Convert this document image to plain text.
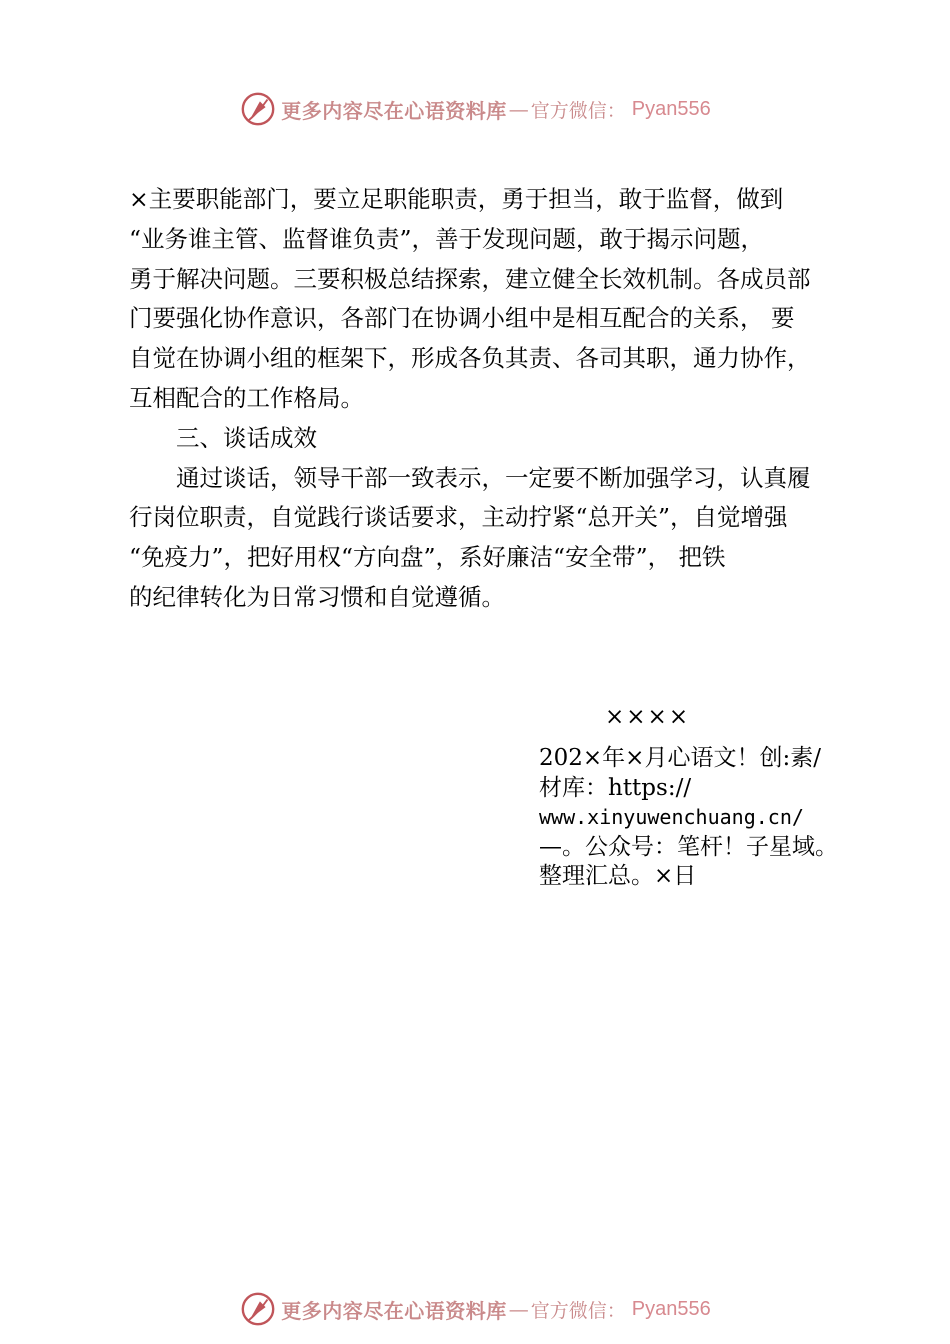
更多内容尽在心语资料库 — 官方微信： Pyan556
×主要职能部门，要立足职能职责，勇于担当，敢于监督，做到
“业务谁主管、监督谁负责”，善于发现问题，敢于揭示问题，
勇于解决问题。三要积极总结探索，建立健全长效机制。各成员部
门要强化协作意识，各部门在协调小组中是相互配合的关系， 要
自觉在协调小组的框架下，形成各负其责、各司其职，通力协作，
互相配合的工作格局。
　　三、谈话成效
　　通过谈话，领导干部一致表示，一定要不断加强学习，认真履
行岗位职责，自觉践行谈话要求，主动拧紧“总开关”，自觉增强
“免疫力”，把好用权“方向盘”，系好廉洁“安全带”， 把铁
的纪律转化为日常习惯和自觉遵循。
××××
202×年×月心语文！创:素/
材库：https://
www.xinyuwenchuang.cn/
—。公众号：笔杆！子星域。
整理汇总。×日
更多内容尽在心语资料库 — 官方微信： Pyan556
